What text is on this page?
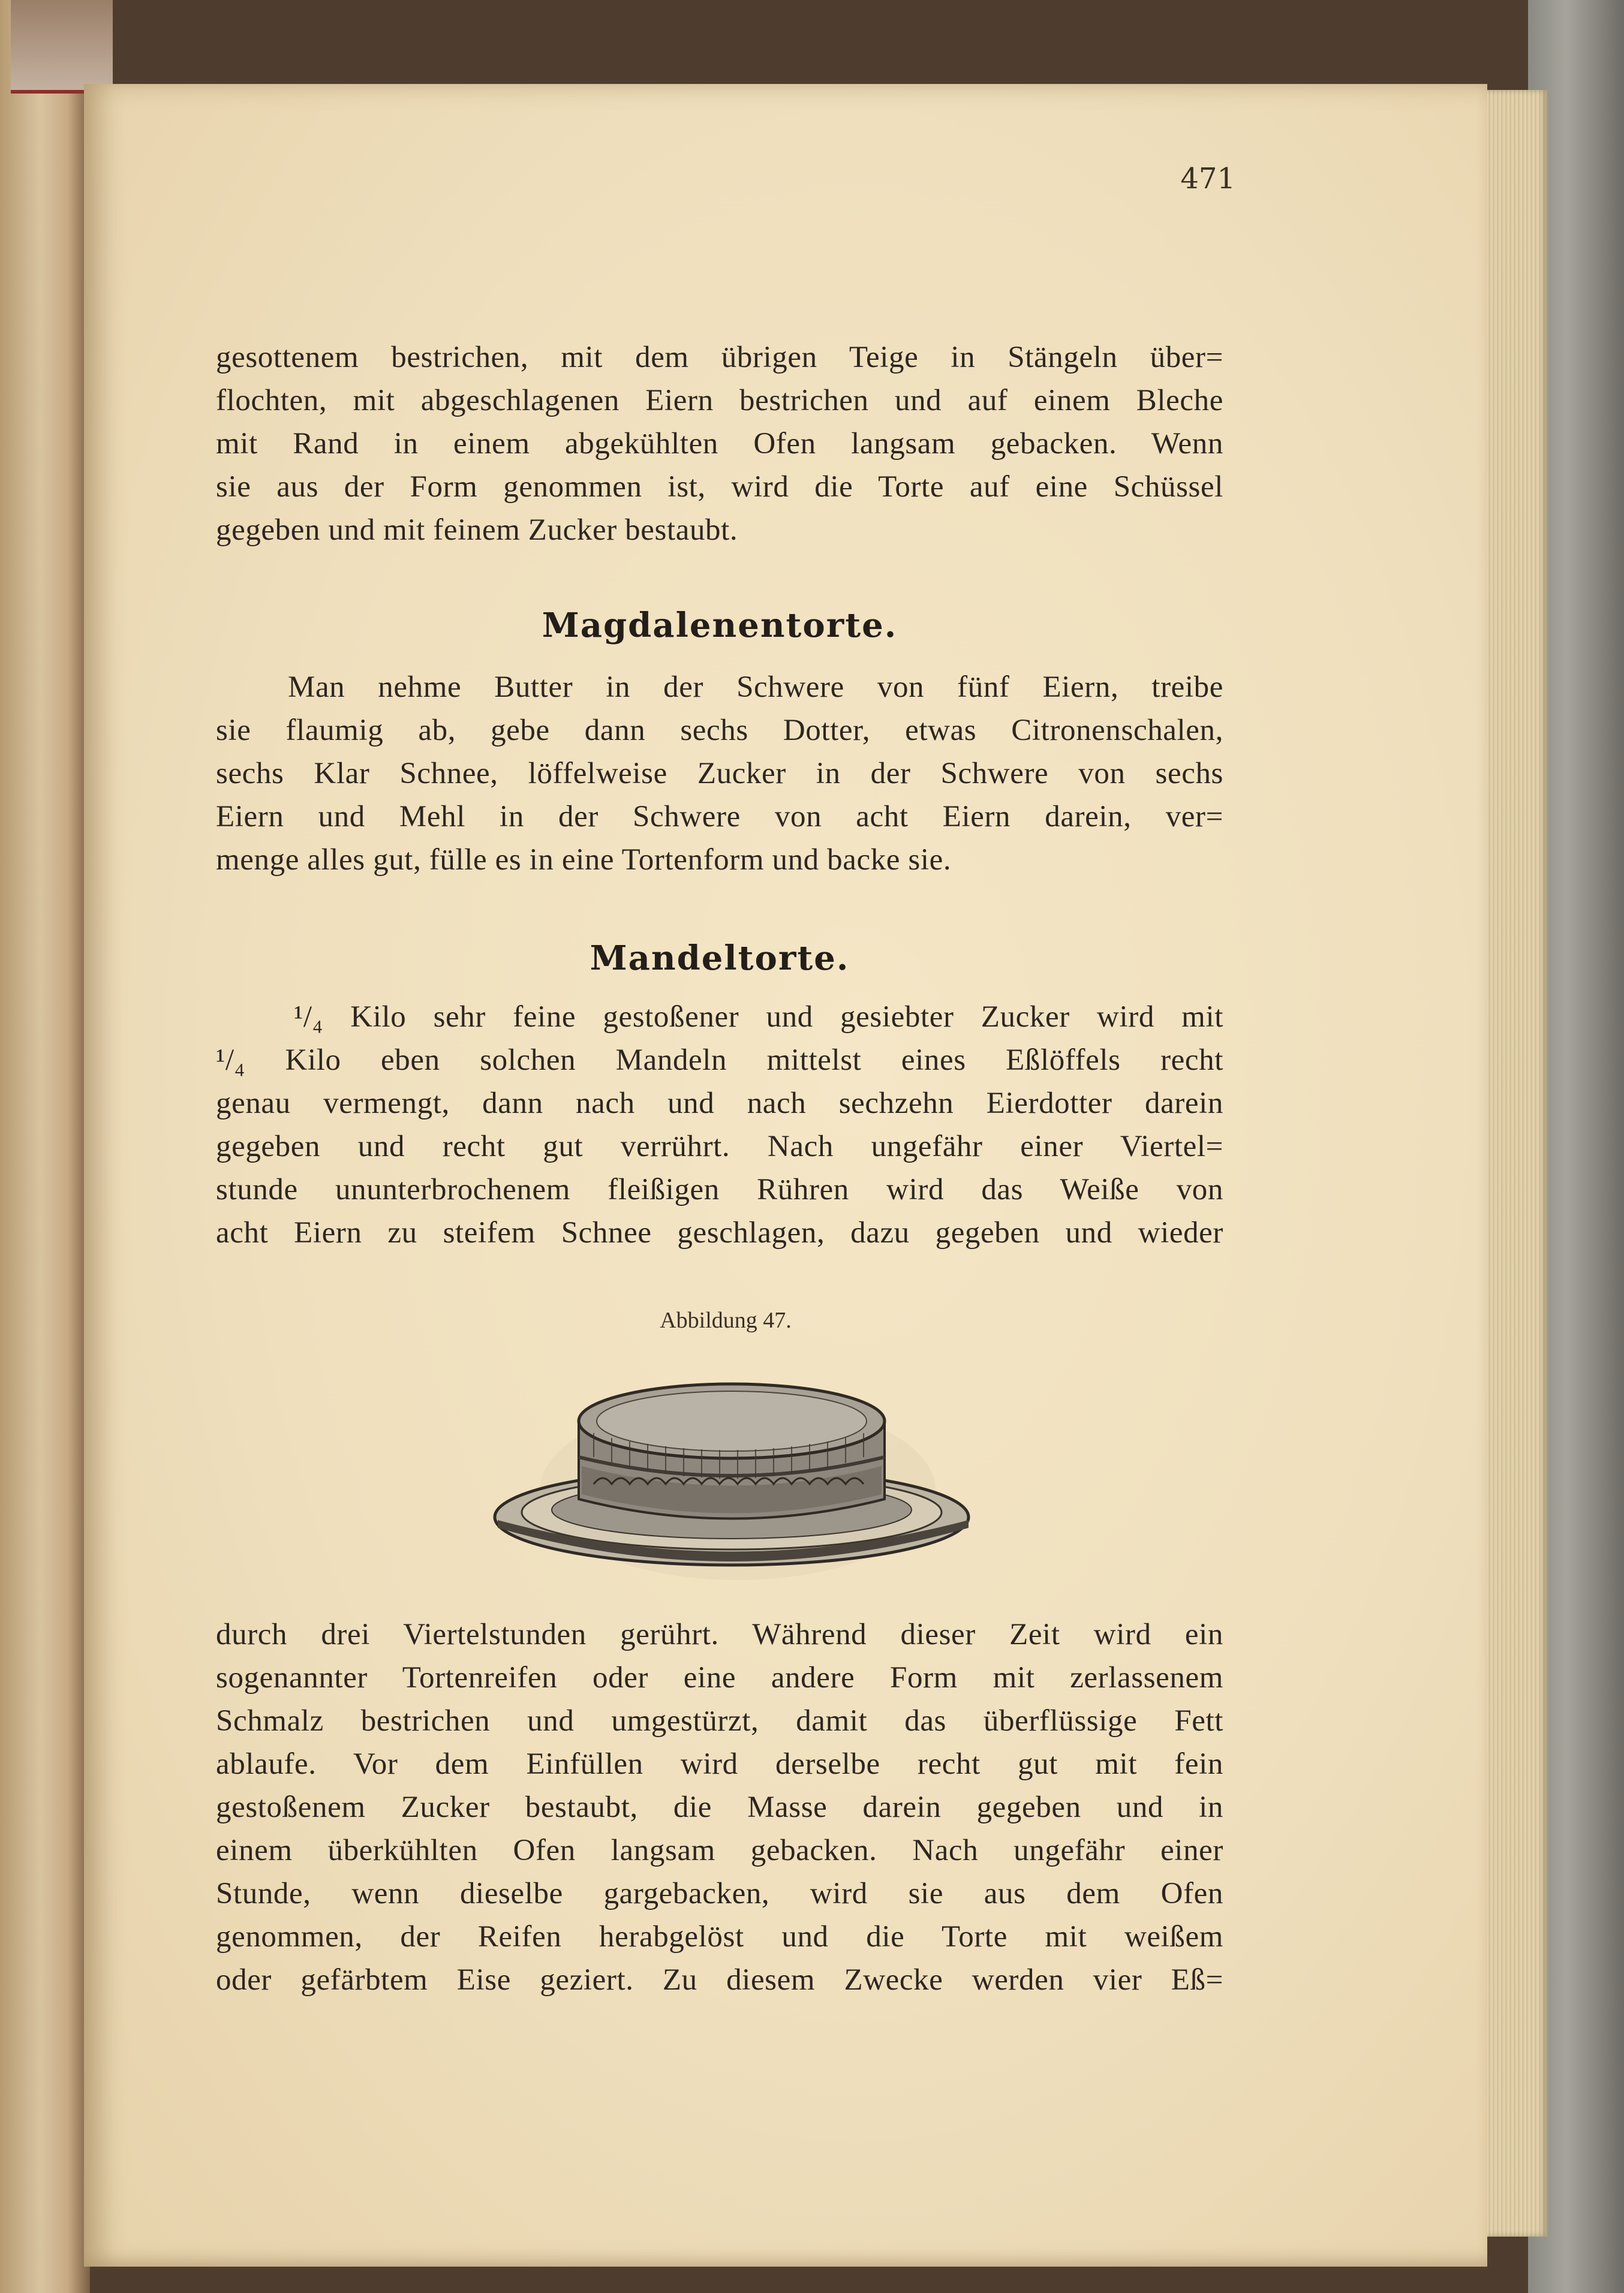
471

gesottenem bestrichen, mit dem übrigen Teige in Stängeln über=
flochten, mit abgeschlagenen Eiern bestrichen und auf einem Bleche
mit Rand in einem abgekühlten Ofen langsam gebacken. Wenn
sie aus der Form genommen ist, wird die Torte auf eine Schüssel
gegeben und mit feinem Zucker bestaubt.

Magdalenentorte.

Man nehme Butter in der Schwere von fünf Eiern, treibe
sie flaumig ab, gebe dann sechs Dotter, etwas Citronenschalen,
sechs Klar Schnee, löffelweise Zucker in der Schwere von sechs
Eiern und Mehl in der Schwere von acht Eiern darein, ver=
menge alles gut, fülle es in eine Tortenform und backe sie.

Mandeltorte.

¹/₄ Kilo sehr feine gestoßener und gesiebter Zucker wird mit
¹/₄ Kilo eben solchen Mandeln mittelst eines Eßlöffels recht
genau vermengt, dann nach und nach sechzehn Eierdotter darein
gegeben und recht gut verrührt. Nach ungefähr einer Viertel=
stunde ununterbrochenem fleißigen Rühren wird das Weiße von
acht Eiern zu steifem Schnee geschlagen, dazu gegeben und wieder

Abbildung 47.

durch drei Viertelstunden gerührt. Während dieser Zeit wird ein
sogenannter Tortenreifen oder eine andere Form mit zerlassenem
Schmalz bestrichen und umgestürzt, damit das überflüssige Fett
ablaufe. Vor dem Einfüllen wird derselbe recht gut mit fein
gestoßenem Zucker bestaubt, die Masse darein gegeben und in
einem überkühlten Ofen langsam gebacken. Nach ungefähr einer
Stunde, wenn dieselbe gargebacken, wird sie aus dem Ofen
genommen, der Reifen herabgelöst und die Torte mit weißem
oder gefärbtem Eise geziert. Zu diesem Zwecke werden vier Eß=
